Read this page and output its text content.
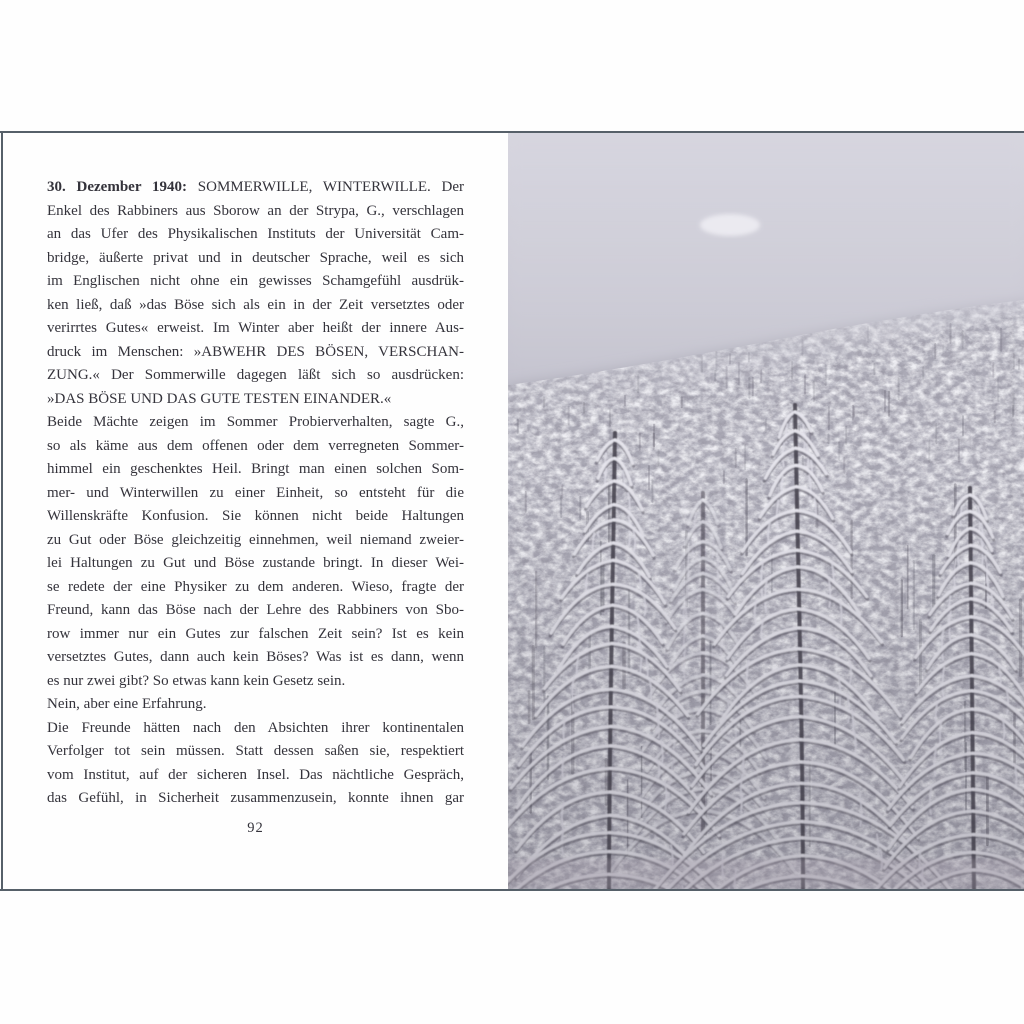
30. Dezember 1940: SOMMERWILLE, WINTERWILLE. Der
Enkel des Rabbiners aus Sborow an der Strypa, G., verschlagen
an das Ufer des Physikalischen Instituts der Universität Cam-
bridge, äußerte privat und in deutscher Sprache, weil es sich
im Englischen nicht ohne ein gewisses Schamgefühl ausdrük-
ken ließ, daß »das Böse sich als ein in der Zeit versetztes oder
verirrtes Gutes« erweist. Im Winter aber heißt der innere Aus-
druck im Menschen: »ABWEHR DES BÖSEN, VERSCHAN-
ZUNG.« Der Sommerwille dagegen läßt sich so ausdrücken:
»DAS BÖSE UND DAS GUTE TESTEN EINANDER.«
Beide Mächte zeigen im Sommer Probierverhalten, sagte G.,
so als käme aus dem offenen oder dem verregneten Sommer-
himmel ein geschenktes Heil. Bringt man einen solchen Som-
mer- und Winterwillen zu einer Einheit, so entsteht für die
Willenskräfte Konfusion. Sie können nicht beide Haltungen
zu Gut oder Böse gleichzeitig einnehmen, weil niemand zweier-
lei Haltungen zu Gut und Böse zustande bringt. In dieser Wei-
se redete der eine Physiker zu dem anderen. Wieso, fragte der
Freund, kann das Böse nach der Lehre des Rabbiners von Sbo-
row immer nur ein Gutes zur falschen Zeit sein? Ist es kein
versetztes Gutes, dann auch kein Böses? Was ist es dann, wenn
es nur zwei gibt? So etwas kann kein Gesetz sein.
Nein, aber eine Erfahrung.
Die Freunde hätten nach den Absichten ihrer kontinentalen
Verfolger tot sein müssen. Statt dessen saßen sie, respektiert
vom Institut, auf der sicheren Insel. Das nächtliche Gespräch,
das Gefühl, in Sicherheit zusammenzusein, konnte ihnen gar
92
